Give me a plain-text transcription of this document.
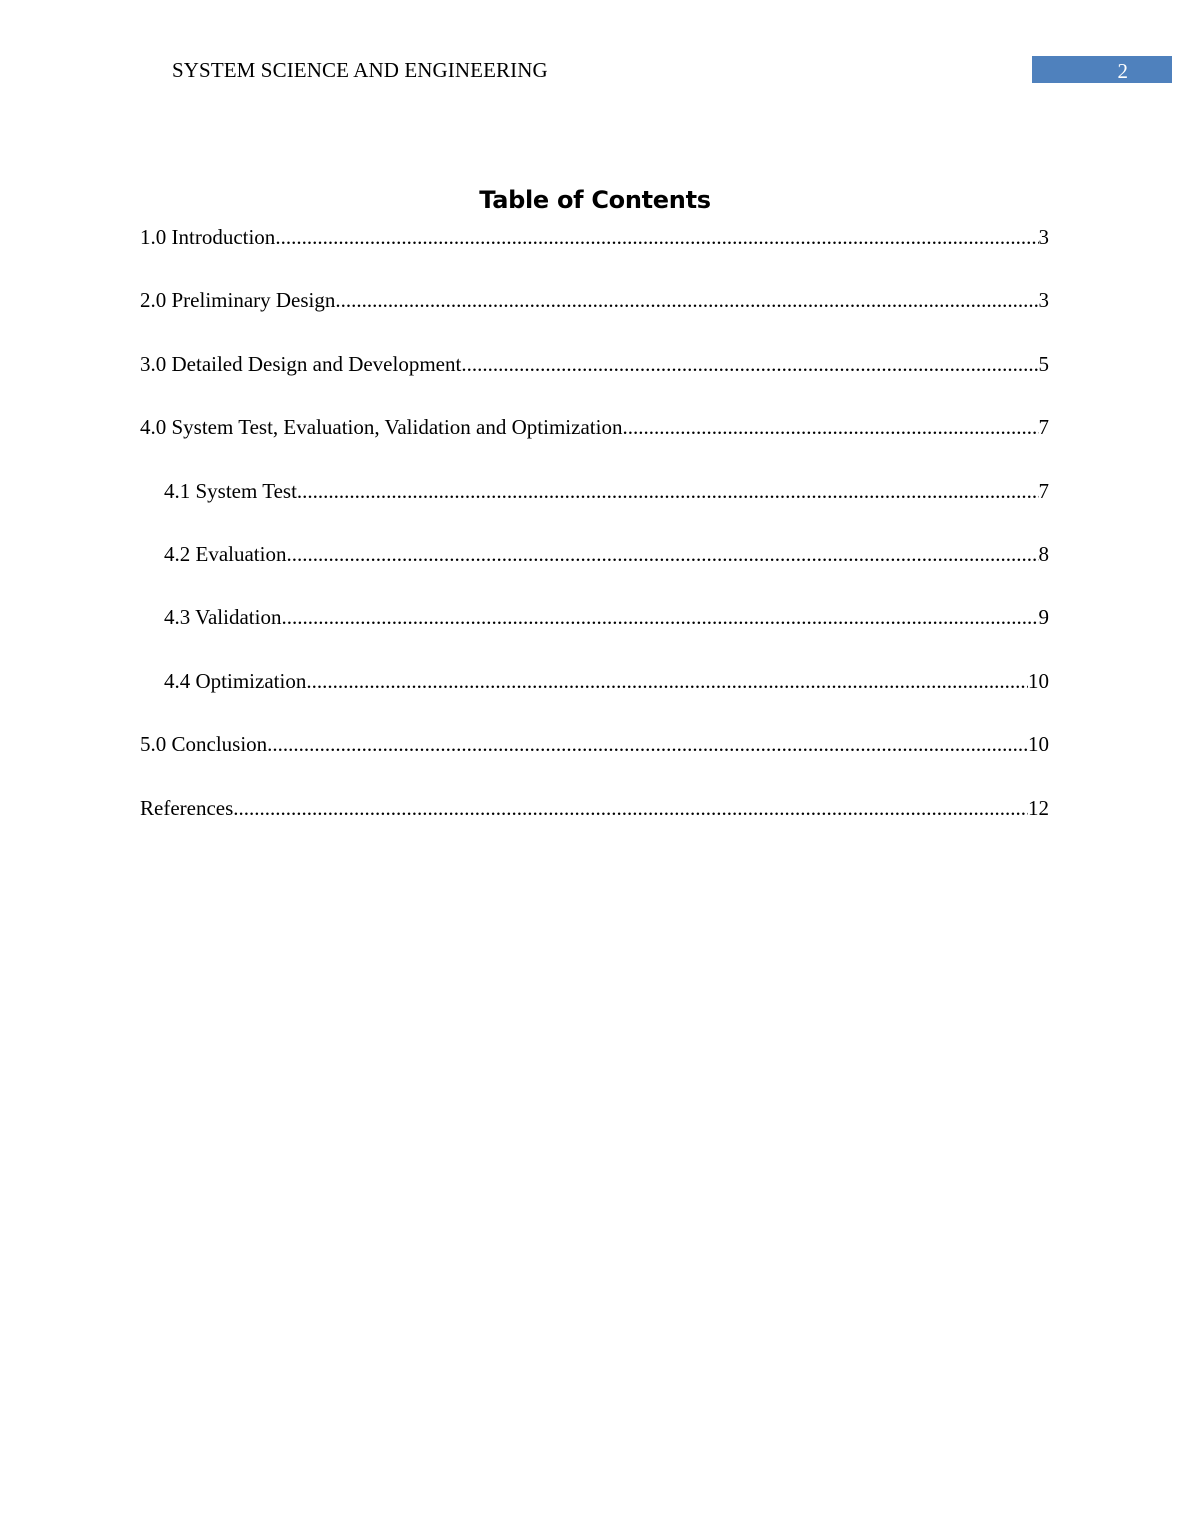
SYSTEM SCIENCE AND ENGINEERING	2
Table of Contents
1.0 Introduction .....	3
2.0 Preliminary Design .....	3
3.0 Detailed Design and Development .....	5
4.0 System Test, Evaluation, Validation and Optimization .....	7
4.1 System Test .....	7
4.2 Evaluation .....	8
4.3 Validation .....	9
4.4 Optimization .....	10
5.0 Conclusion .....	10
References .....	12
